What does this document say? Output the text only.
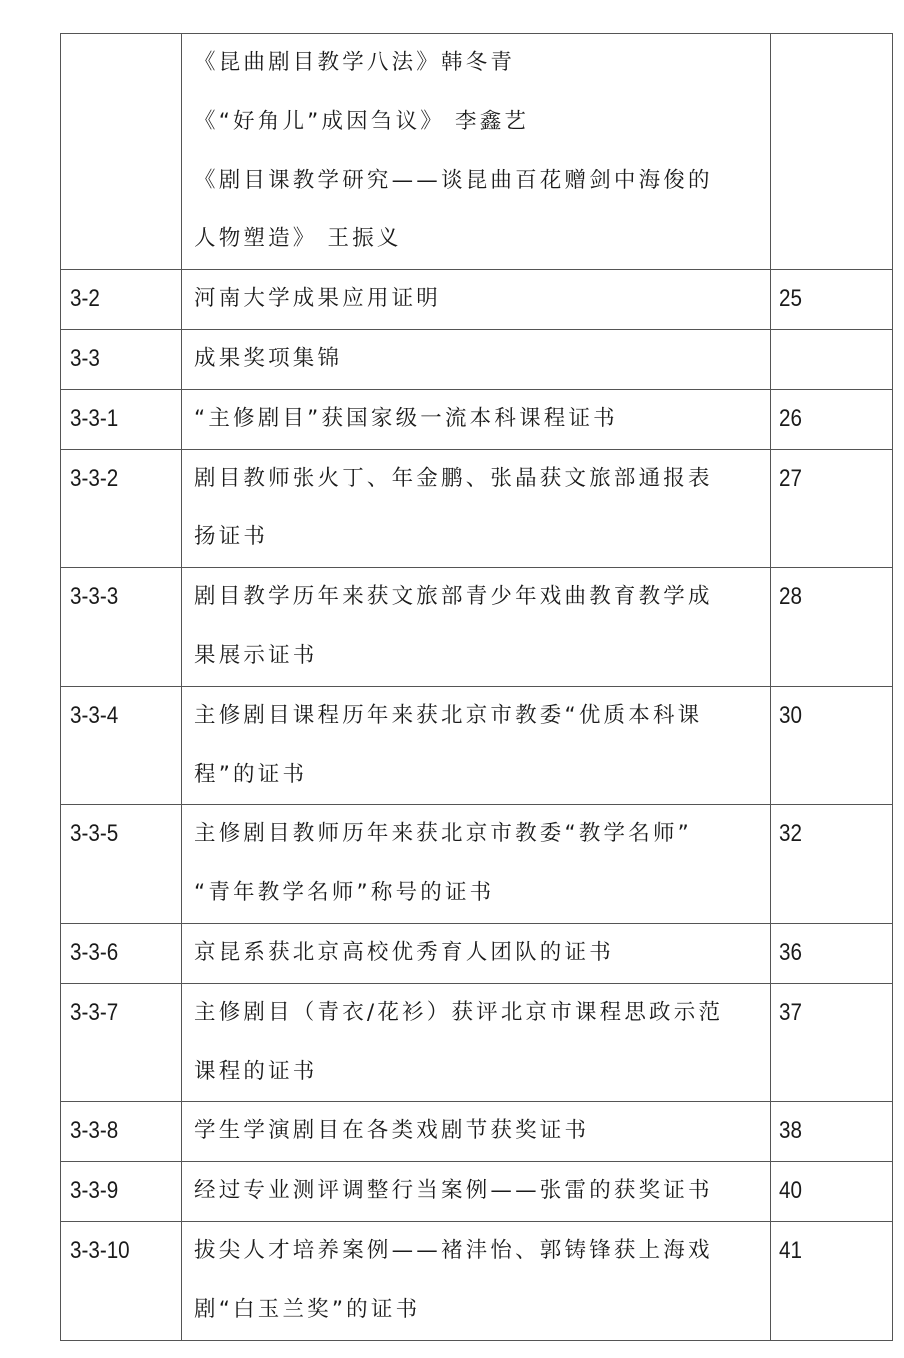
	《昆曲剧目教学八法》韩冬青
《“好角儿”成因刍议》 李鑫艺
《剧目课教学研究——谈昆曲百花赠剑中海俊的
人物塑造》 王振义	

3-2	河南大学成果应用证明	25

3-3	成果奖项集锦	

3-3-1	“主修剧目”获国家级一流本科课程证书	26

3-3-2	剧目教师张火丁、年金鹏、张晶获文旅部通报表
扬证书	27

3-3-3	剧目教学历年来获文旅部青少年戏曲教育教学成
果展示证书	28

3-3-4	主修剧目课程历年来获北京市教委“优质本科课
程”的证书	30

3-3-5	主修剧目教师历年来获北京市教委“教学名师”
“青年教学名师”称号的证书	32

3-3-6	京昆系获北京高校优秀育人团队的证书	36

3-3-7	主修剧目（青衣/花衫）获评北京市课程思政示范
课程的证书	37

3-3-8	学生学演剧目在各类戏剧节获奖证书	38

3-3-9	经过专业测评调整行当案例——张雷的获奖证书	40

3-3-10	拔尖人才培养案例——褚沣怡、郭铸锋获上海戏
剧“白玉兰奖”的证书	41
